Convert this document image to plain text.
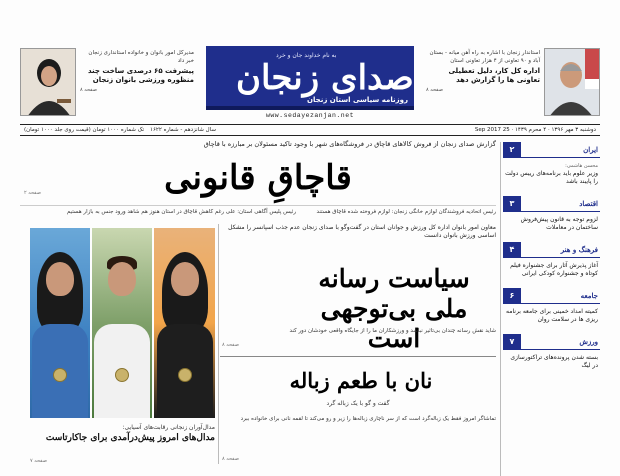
مدیرکل امور بانوان و خانواده استانداری زنجان خبر داد
پیشرفت ۶۵ درصدی ساخت چند منظوره ورزشی بانوان زنجان
صفحه ۸
به نام خداوند جان و خرد
صدای زنجان
روزنامه سیاسی استان زنجان
www.sedayezanjan.net
استاندار زنجان با اشاره به راه آهن میانه - بستان آباد و ۹۰ تعاونی از ۴ هزار تعاونی استان
اداره کل کار، دلیل تعطیلی تعاونی ها را گزارش دهد
صفحه ۸
دوشنبه ۳ مهر ۱۳۹۶ · ۴ محرم ۱۴۳۹ · 25 Sep 2017
سال شانزدهم - شماره ۱۶۲۲
تک شماره ۱۰۰۰ تومان (قیمت روی جلد ۱۰۰۰ تومان)
ایران
۲
محسن هاشمی:
وزیر علوم باید برنامه‌های رییس دولت را پایبند باشد
اقتصاد
۳
لزوم توجه به قانون پیش‌فروش ساختمان در معاملات
فرهنگ و هنر
۴
آغاز پذیرش آثار برای جشنواره فیلم کوتاه و جشنواره کودکی ایرانی
جامعه
۶
کمیته امداد خمینی برای جامعه برنامه ریزی ها در سلامت روان
ورزش
۷
بسته شدن پرونده‌های تراکتورسازی در لیگ
گزارش صدای زنجان از فروش کالاهای قاچاق در فروشگاه‌های شهر با وجود تاکید مسئولان بر مبارزه با قاچاق
قاچاقِ قانونی
صفحه ۲
رئیس اتحادیه فروشندگان لوازم خانگی زنجان: لوازم فروخته شده قاچاق هستند
رئیس پلیس آگاهی استان: علی رغم کاهش قاچاق در استان هنوز هم شاهد ورود جنس به بازار هستیم
مدال‌آوران زنجانی رقابت‌های آسیایی:
مدال‌های امروز پیش‌درآمدی برای جاکارتاست
صفحه ۷
معاون امور بانوان اداره کل ورزش و جوانان استان در گفت‌وگو با صدای زنجان عدم جذب اسپانسر را مشکل اساسی ورزش بانوان دانست
سیاست رسانه ملی بی‌توجهی است
شاید نقش رسانه چندان بی‌تاثیر نباشد و ورزشکاران ما را از جایگاه واقعی خودشان دور کند
صفحه ۸
نان با طعم زباله
گفت و گو با یک زباله گرد
تماشاگر امروز فقط یک زباله‌گرد است که از سر ناچاری زباله‌ها را زیر و رو می‌کند تا لقمه نانی برای خانواده ببرد
صفحه ۸
